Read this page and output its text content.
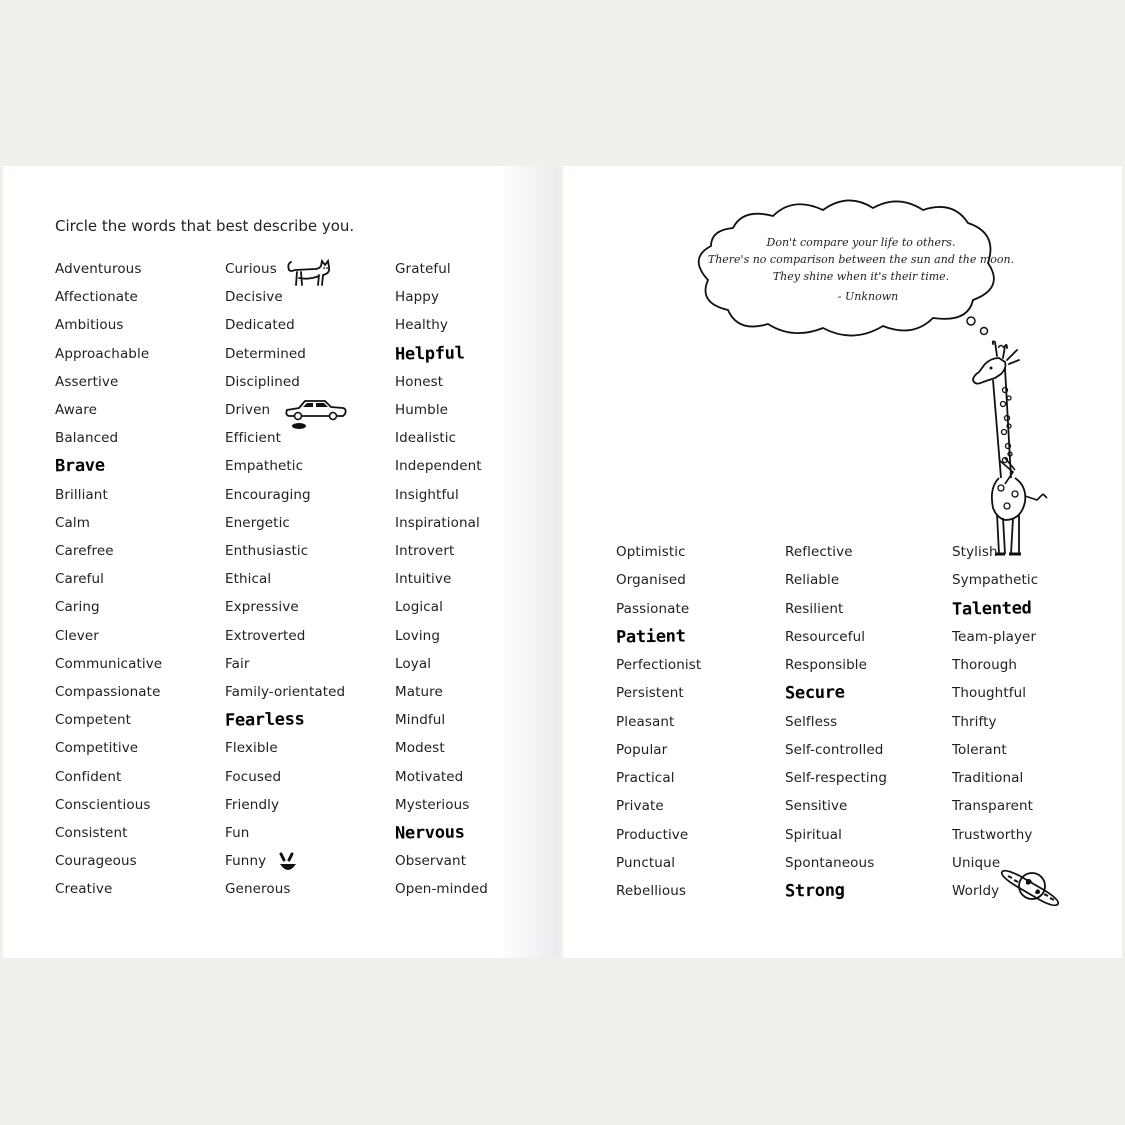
Circle the words that best describe you.
Adventurous
Affectionate
Ambitious
Approachable
Assertive
Aware
Balanced
Brave
Brilliant
Calm
Carefree
Careful
Caring
Clever
Communicative
Compassionate
Competent
Competitive
Confident
Conscientious
Consistent
Courageous
Creative
Curious
Decisive
Dedicated
Determined
Disciplined
Driven
Efficient
Empathetic
Encouraging
Energetic
Enthusiastic
Ethical
Expressive
Extroverted
Fair
Family-orientated
Fearless
Flexible
Focused
Friendly
Fun
Funny
Generous
Grateful
Happy
Healthy
Helpful
Honest
Humble
Idealistic
Independent
Insightful
Inspirational
Introvert
Intuitive
Logical
Loving
Loyal
Mature
Mindful
Modest
Motivated
Mysterious
Nervous
Observant
Open-minded
Don't compare your life to others.
There's no comparison between the sun and the moon.
They shine when it's their time.
- Unknown
Optimistic
Organised
Passionate
Patient
Perfectionist
Persistent
Pleasant
Popular
Practical
Private
Productive
Punctual
Rebellious
Reflective
Reliable
Resilient
Resourceful
Responsible
Secure
Selfless
Self-controlled
Self-respecting
Sensitive
Spiritual
Spontaneous
Strong
Stylish
Sympathetic
Talented
Team-player
Thorough
Thoughtful
Thrifty
Tolerant
Traditional
Transparent
Trustworthy
Unique
Worldy
